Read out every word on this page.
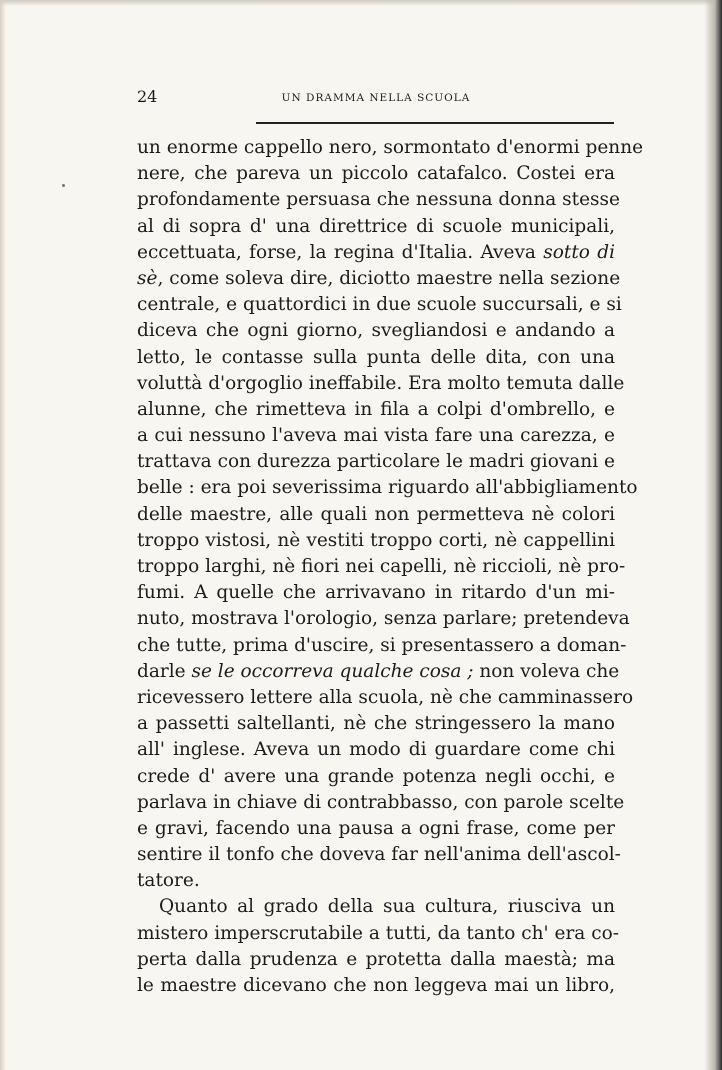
24	UN DRAMMA NELLA SCUOLA
un enorme cappello nero, sormontato d'enormi penne
nere, che pareva un piccolo catafalco. Costei era
profondamente persuasa che nessuna donna stesse
al di sopra d' una direttrice di scuole municipali,
eccettuata, forse, la regina d'Italia. Aveva sotto di
sè, come soleva dire, diciotto maestre nella sezione
centrale, e quattordici in due scuole succursali, e si
diceva che ogni giorno, svegliandosi e andando a
letto, le contasse sulla punta delle dita, con una
voluttà d'orgoglio ineffabile. Era molto temuta dalle
alunne, che rimetteva in fila a colpi d'ombrello, e
a cui nessuno l'aveva mai vista fare una carezza, e
trattava con durezza particolare le madri giovani e
belle : era poi severissima riguardo all'abbigliamento
delle maestre, alle quali non permetteva nè colori
troppo vistosi, nè vestiti troppo corti, nè cappellini
troppo larghi, nè fiori nei capelli, nè riccioli, nè pro-
fumi. A quelle che arrivavano in ritardo d'un mi-
nuto, mostrava l'orologio, senza parlare; pretendeva
che tutte, prima d'uscire, si presentassero a doman-
darle se le occorreva qualche cosa ; non voleva che
ricevessero lettere alla scuola, nè che camminassero
a passetti saltellanti, nè che stringessero la mano
all' inglese. Aveva un modo di guardare come chi
crede d' avere una grande potenza negli occhi, e
parlava in chiave di contrabbasso, con parole scelte
e gravi, facendo una pausa a ogni frase, come per
sentire il tonfo che doveva far nell'anima dell'ascol-
tatore.
Quanto al grado della sua cultura, riusciva un
mistero imperscrutabile a tutti, da tanto ch' era co-
perta dalla prudenza e protetta dalla maestà; ma
le maestre dicevano che non leggeva mai un libro,
